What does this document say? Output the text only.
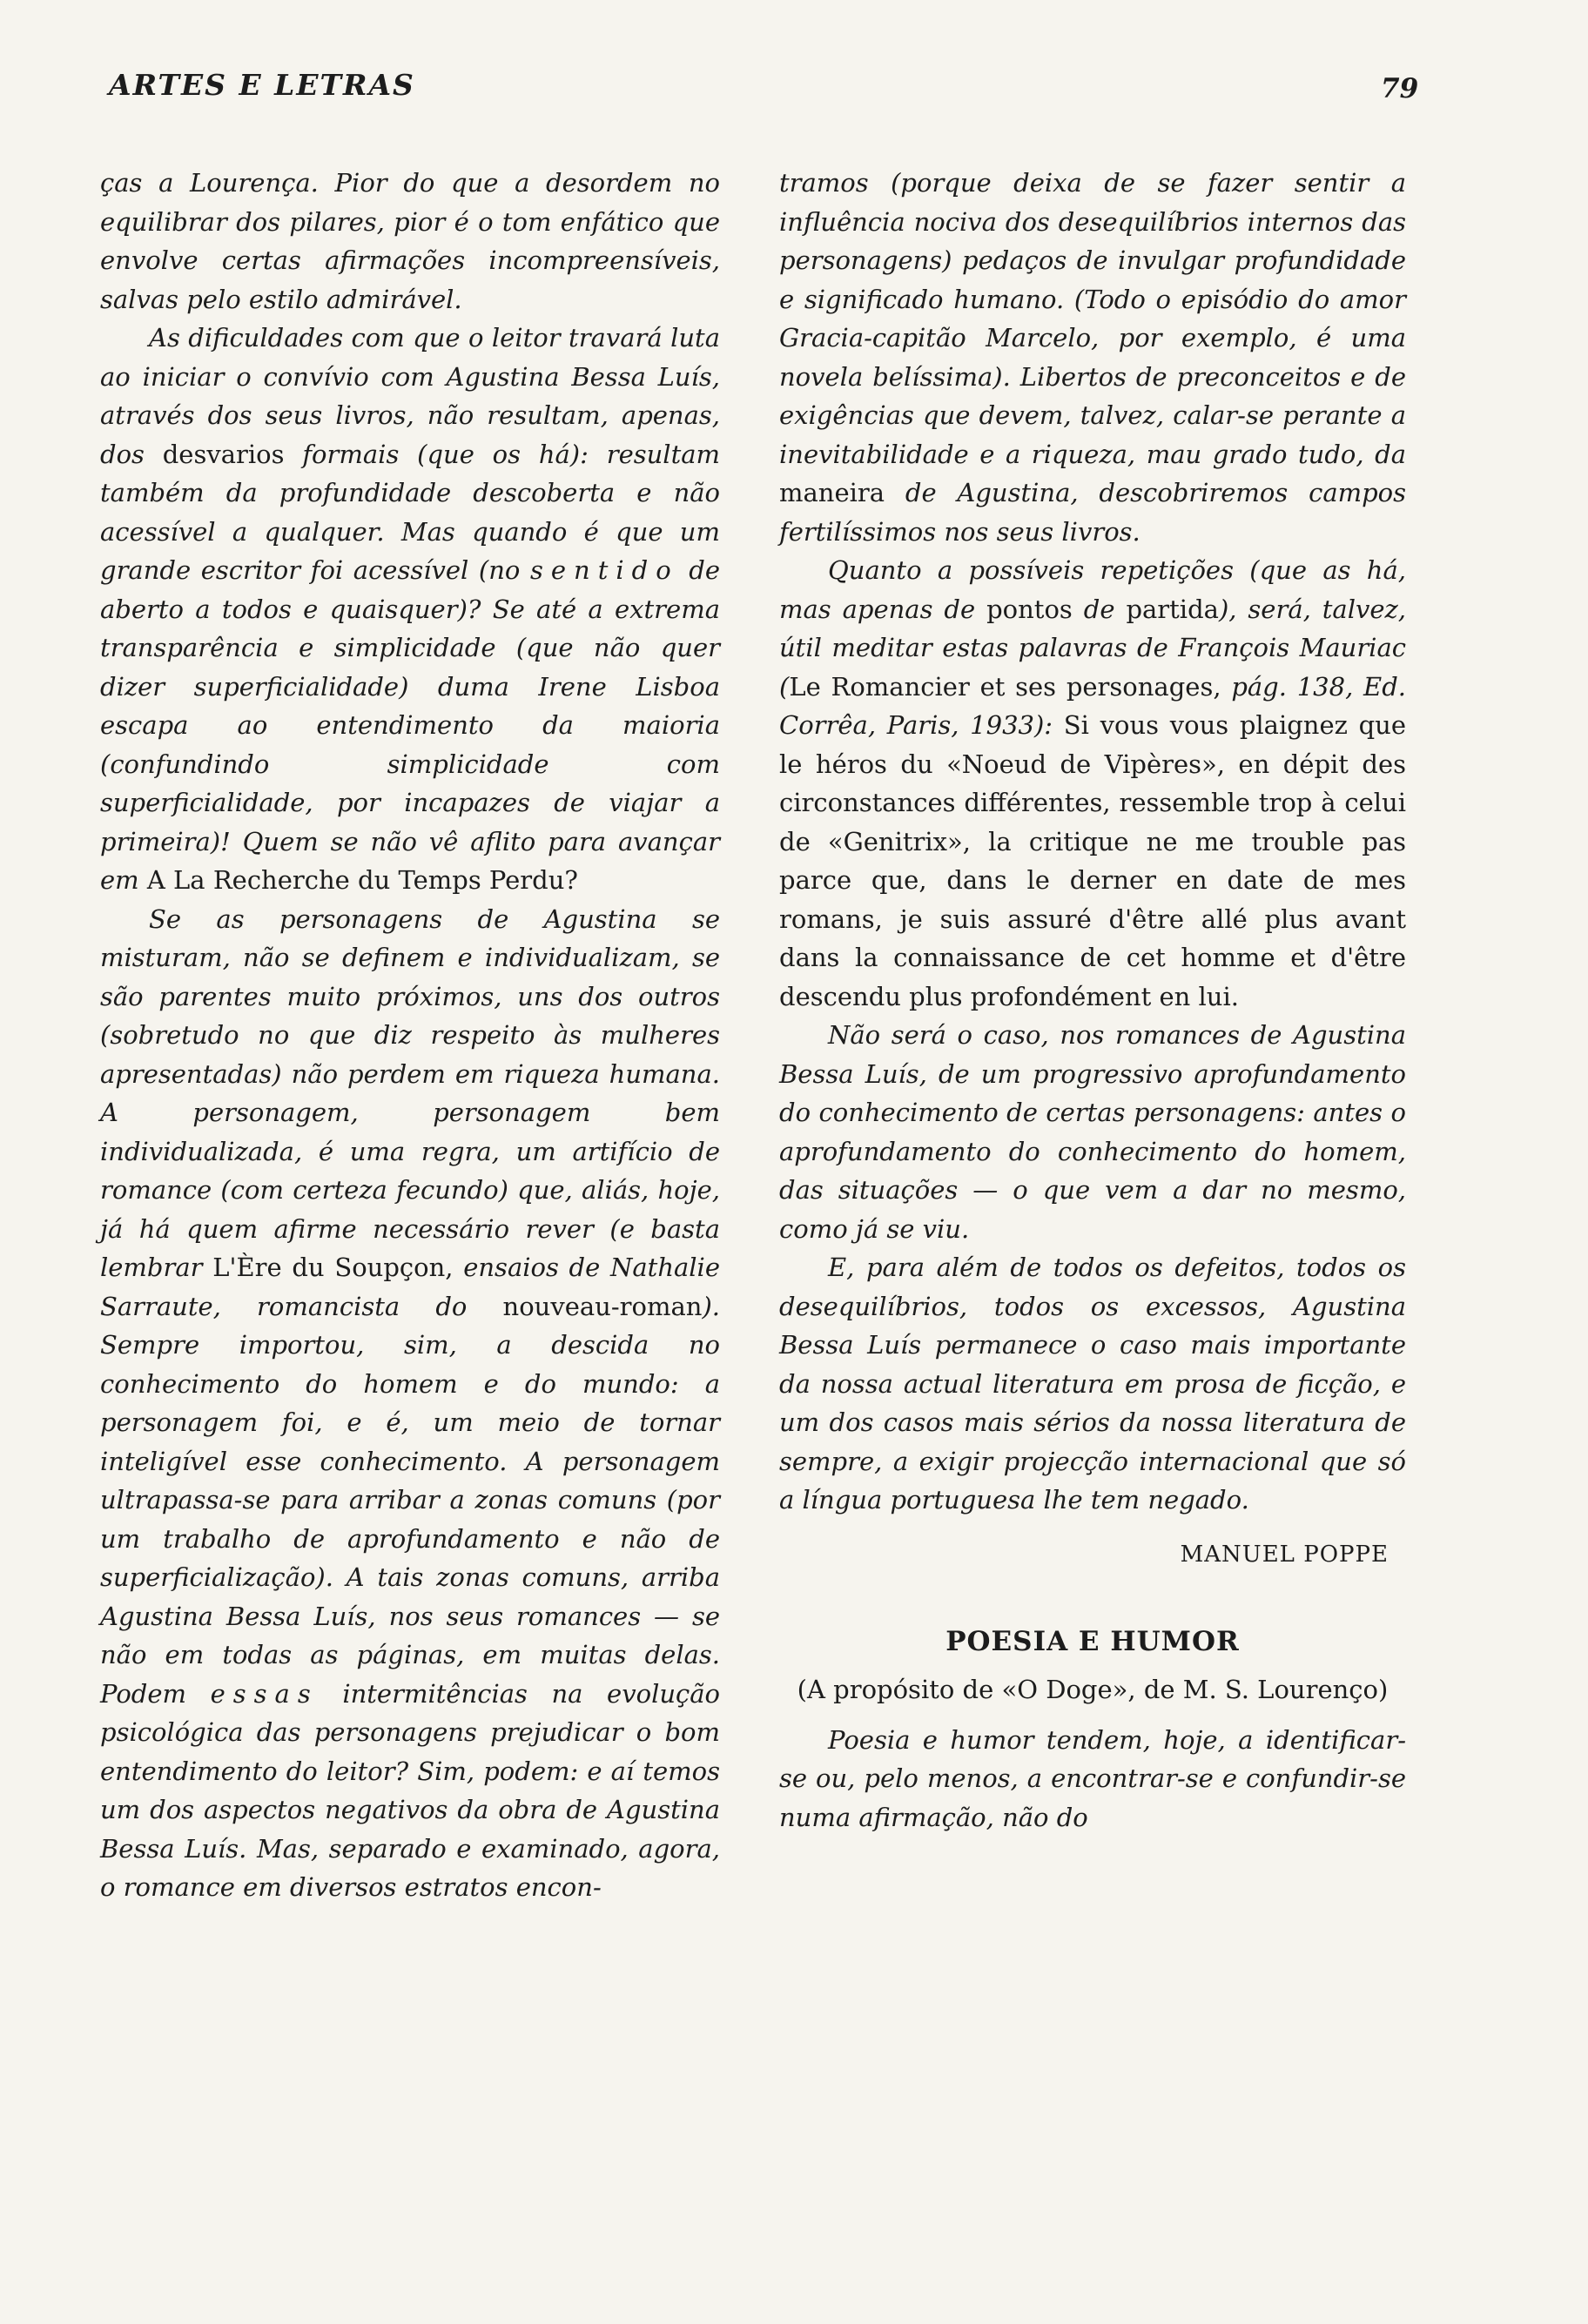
ARTES E LETRAS	79

ças a Lourença. Pior do que a desordem no equilibrar dos pilares, pior é o tom enfático que envolve certas afirmações incompreensíveis, salvas pelo estilo admirável.

As dificuldades com que o leitor travará luta ao iniciar o convívio com Agustina Bessa Luís, através dos seus livros, não resultam, apenas, dos desvarios formais (que os há): resultam também da profundidade descoberta e não acessível a qualquer. Mas quando é que um grande escritor foi acessível (no sentido de aberto a todos e quaisquer)? Se até a extrema transparência e simplicidade (que não quer dizer superficialidade) duma Irene Lisboa escapa ao entendimento da maioria (confundindo simplicidade com superficialidade, por incapazes de viajar a primeira)! Quem se não vê aflito para avançar em A La Recherche du Temps Perdu?

Se as personagens de Agustina se misturam, não se definem e individualizam, se são parentes muito próximos, uns dos outros (sobretudo no que diz respeito às mulheres apresentadas) não perdem em riqueza humana. A personagem, personagem bem individualizada, é uma regra, um artifício de romance (com certeza fecundo) que, aliás, hoje, já há quem afirme necessário rever (e basta lembrar L'Ère du Soupçon, ensaios de Nathalie Sarraute, romancista do nouveau-roman). Sempre importou, sim, a descida no conhecimento do homem e do mundo: a personagem foi, e é, um meio de tornar inteligível esse conhecimento. A personagem ultrapassa-se para arribar a zonas comuns (por um trabalho de aprofundamento e não de superficialização). A tais zonas comuns, arriba Agustina Bessa Luís, nos seus romances — se não em todas as páginas, em muitas delas. Podem essas intermitências na evolução psicológica das personagens prejudicar o bom entendimento do leitor? Sim, podem: e aí temos um dos aspectos negativos da obra de Agustina Bessa Luís. Mas, separado e examinado, agora, o romance em diversos estratos encon-

tramos (porque deixa de se fazer sentir a influência nociva dos desequilíbrios internos das personagens) pedaços de invulgar profundidade e significado humano. (Todo o episódio do amor Gracia-capitão Marcelo, por exemplo, é uma novela belíssima). Libertos de preconceitos e de exigências que devem, talvez, calar-se perante a inevitabilidade e a riqueza, mau grado tudo, da maneira de Agustina, descobriremos campos fertilíssimos nos seus livros.

Quanto a possíveis repetições (que as há, mas apenas de pontos de partida), será, talvez, útil meditar estas palavras de François Mauriac (Le Romancier et ses personages, pág. 138, Ed. Corrêa, Paris, 1933): Si vous vous plaignez que le héros du «Noeud de Vipères», en dépit des circonstances différentes, ressemble trop à celui de «Genitrix», la critique ne me trouble pas parce que, dans le derner en date de mes romans, je suis assuré d'être allé plus avant dans la connaissance de cet homme et d'être descendu plus profondément en lui.

Não será o caso, nos romances de Agustina Bessa Luís, de um progressivo aprofundamento do conhecimento de certas personagens: antes o aprofundamento do conhecimento do homem, das situações — o que vem a dar no mesmo, como já se viu.

E, para além de todos os defeitos, todos os desequilíbrios, todos os excessos, Agustina Bessa Luís permanece o caso mais importante da nossa actual literatura em prosa de ficção, e um dos casos mais sérios da nossa literatura de sempre, a exigir projecção internacional que só a língua portuguesa lhe tem negado.

MANUEL POPPE
POESIA E HUMOR
(A propósito de «O Doge», de M. S. Lourenço)

Poesia e humor tendem, hoje, a identificar-se ou, pelo menos, a encontrar-se e confundir-se numa afirmação, não do
